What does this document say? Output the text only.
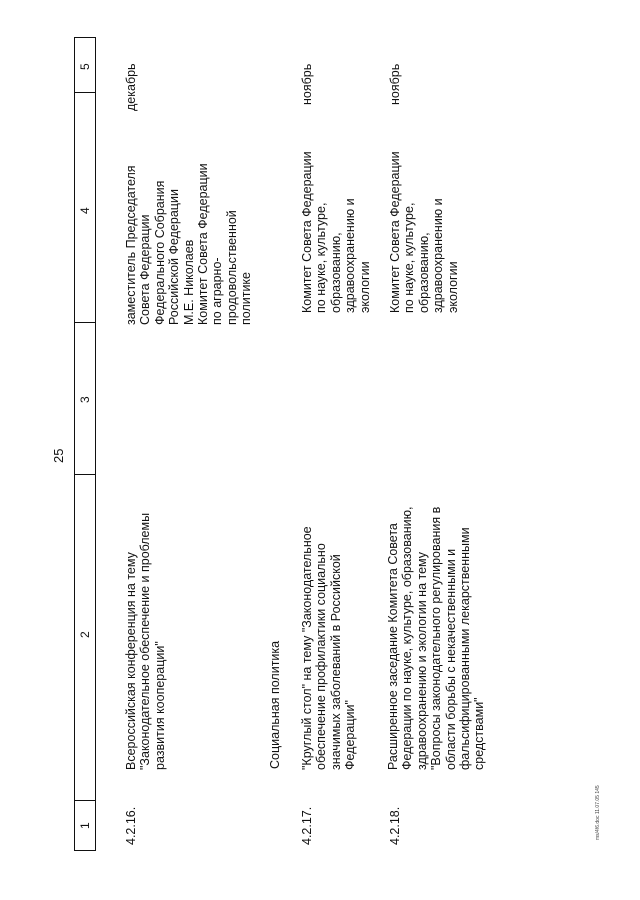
25
1
2
3
4
5
4.2.16.
Всероссийская конференция на тему
"Законодательное обеспечение и проблемы
развития кооперации"
заместитель Председателя
Совета Федерации
Федерального Собрания
Российской Федерации
М.Е. Николаев
Комитет Совета Федерации
по аграрно-
продовольственной
политике
декабрь
Социальная политика
4.2.17.
"Круглый стол" на тему "Законодательное
обеспечение профилактики социально
значимых заболеваний в Российской
Федерации"
Комитет Совета Федерации
по науке, культуре,
образованию,
здравоохранению и
экологии
ноябрь
4.2.18.
Расширенное заседание Комитета Совета
Федерации по науке, культуре, образованию,
здравоохранению и экологии на тему
"Вопросы законодательного регулирования в
области борьбы с некачественными и
фальсифицированными лекарственными
средствами"
Комитет Совета Федерации
по науке, культуре,
образованию,
здравоохранению и
экологии
ноябрь
ms/4f6.doc 11.07.05 145
